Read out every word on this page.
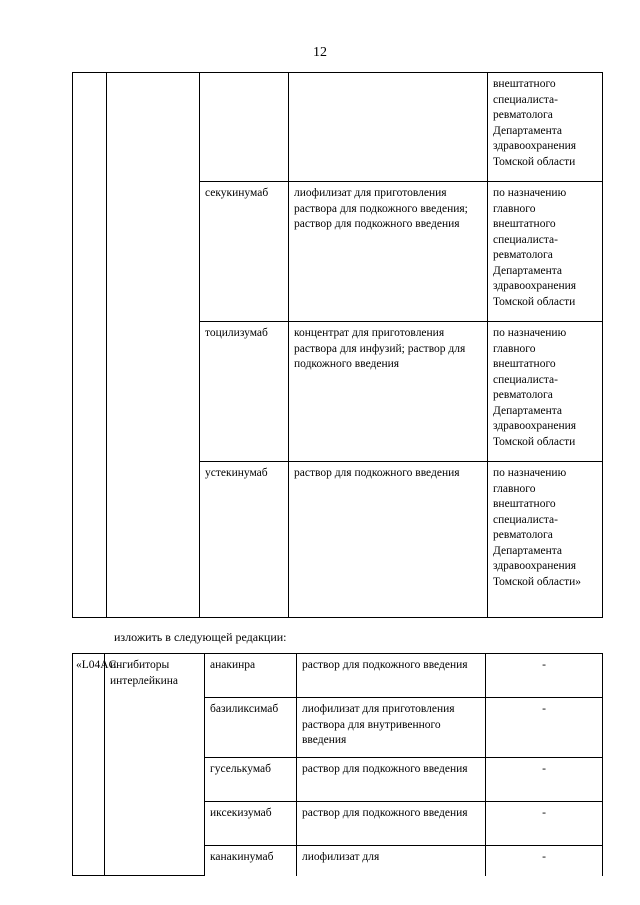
12

				внештатного специалиста-ревматолога Департамента здравоохранения Томской области

		секукинумаб	лиофилизат для приготовления раствора для подкожного введения; раствор для подкожного введения	по назначению главного внештатного специалиста-ревматолога Департамента здравоохранения Томской области

		тоцилизумаб	концентрат для приготовления раствора для инфузий; раствор для подкожного введения	по назначению главного внештатного специалиста-ревматолога Департамента здравоохранения Томской области

		устекинумаб	раствор для подкожного введения	по назначению главного внештатного специалиста-ревматолога Департамента здравоохранения Томской области»
изложить в следующей редакции:
«L04AC	ингибиторы интерлейкина	анакинра	раствор для подкожного введения	-

		базиликсимаб	лиофилизат для приготовления раствора для внутривенного введения	-

		гуселькумаб	раствор для подкожного введения	-

		иксекизумаб	раствор для подкожного введения	-

		канакинумаб	лиофилизат для	-
